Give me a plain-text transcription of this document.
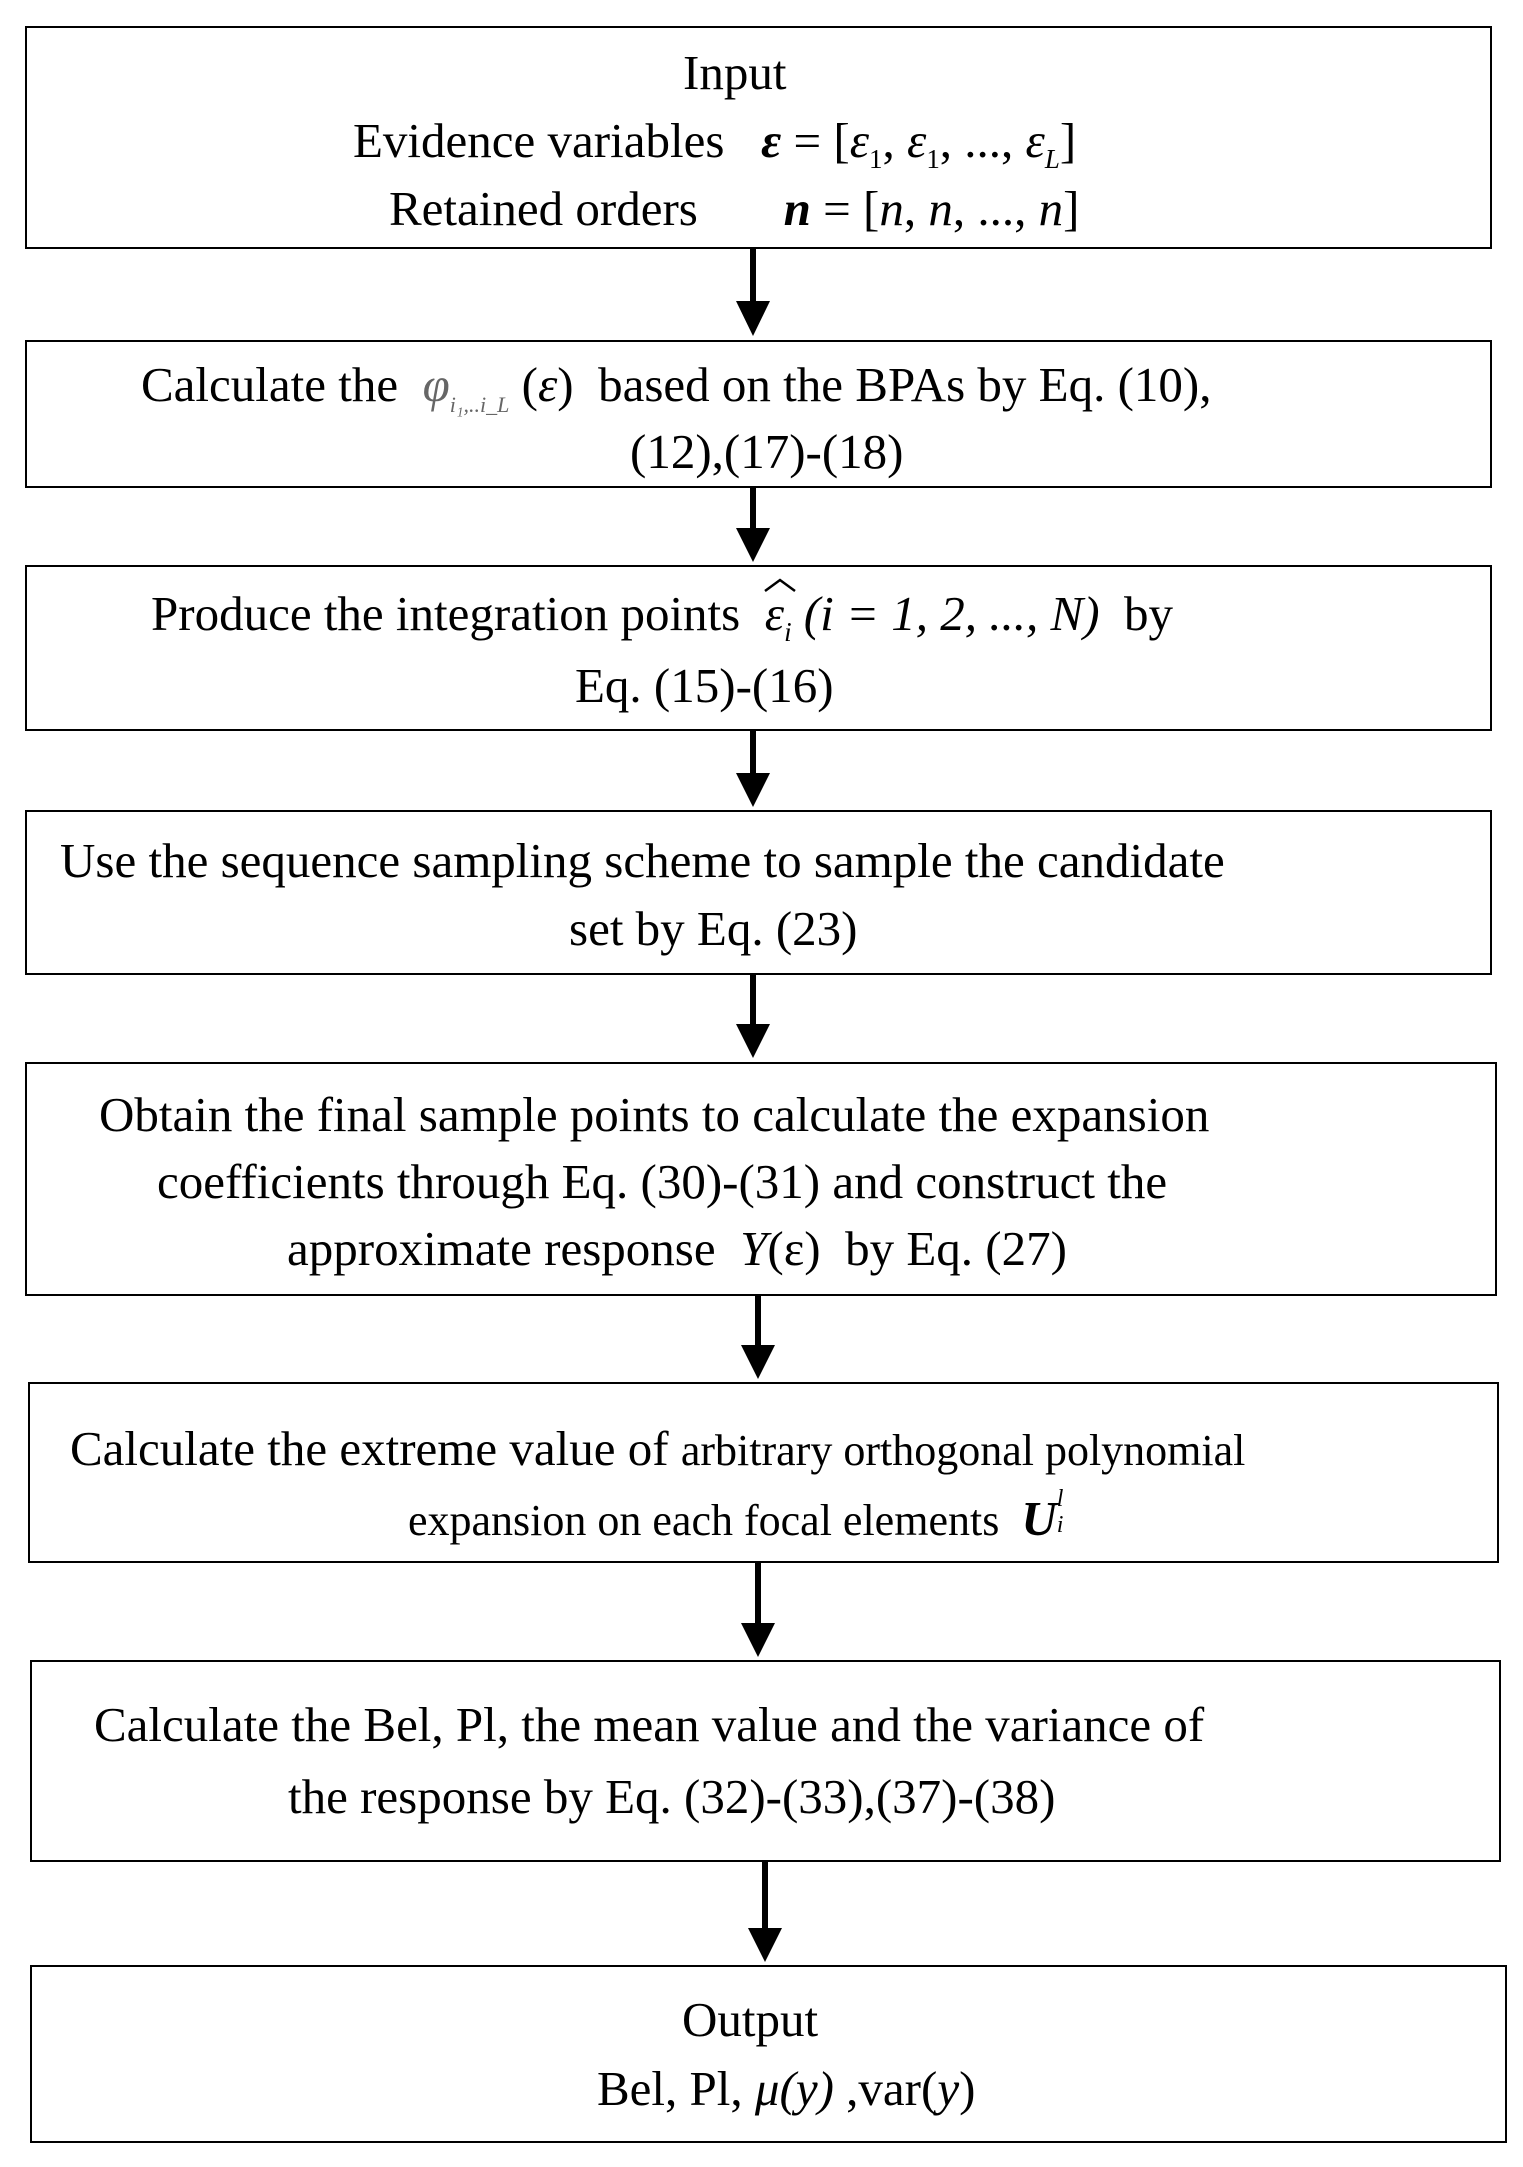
Input
Evidence variables $\varepsilon = [\varepsilon_1$, $\varepsilon_1$, ..., $\varepsilon_L$]
Retained orders n = [n, n, ..., n]
Calculate the $\varphi_{i_1,..i\_L}$ (ε)  based on the BPAs by Eq. (10),
(12),(17)-(18)
Produce the integration points $\varepsilon_i$ (i = 1, 2, ..., N) by
Eq. (15)-(16)
Use the sequence sampling scheme to sample the candidate
set by Eq. (23)
Obtain the final sample points to calculate the expansion
coefficients through Eq. (30)-(31) and construct the
approximate response Y(ε) by Eq. (27)
Calculate the extreme value of arbitrary orthogonal polynomial
expansion on each focal elements U l
i
Calculate the Bel, Pl, the mean value and the variance of
the response by Eq. (32)-(33),(37)-(38)
Output
Bel, Pl, μ(y) ,var(y)
